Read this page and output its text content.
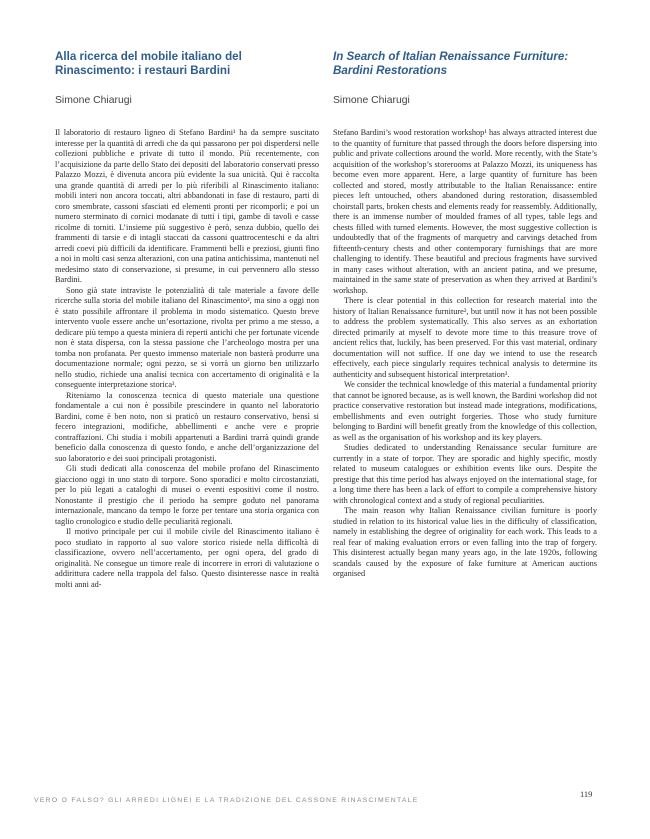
Alla ricerca del mobile italiano del Rinascimento: i restauri Bardini
Simone Chiarugi

Il laboratorio di restauro ligneo di Stefano Bardini¹ ha da sempre suscitato interesse per la quantità di arredi che da qui passarono per poi disperdersi nelle collezioni pubbliche e private di tutto il mondo. Più recentemente, con l’acquisizione da parte dello Stato dei depositi del laboratorio conservati presso Palazzo Mozzi, è divenuta ancora più evidente la sua unicità. Qui è raccolta una grande quantità di arredi per lo più riferibili al Rinascimento italiano: mobili interi non ancora toccati, altri abbandonati in fase di restauro, parti di coro smembrate, cassoni sfasciati ed elementi pronti per ricomporli; e poi un numero sterminato di cornici modanate di tutti i tipi, gambe di tavoli e casse ricolme di torniti. L’insieme più suggestivo è però, senza dubbio, quello dei frammenti di tarsie e di intagli staccati da cassoni quattrocenteschi e da altri arredi coevi più difficili da identificare. Frammenti belli e preziosi, giunti fino a noi in molti casi senza alterazioni, con una patina antichissima, mantenuti nel medesimo stato di conservazione, si presume, in cui pervennero allo stesso Bardini.

Sono già state intraviste le potenzialità di tale materiale a favore delle ricerche sulla storia del mobile italiano del Rinascimento², ma sino a oggi non è stato possibile affrontare il problema in modo sistematico. Questo breve intervento vuole essere anche un’esortazione, rivolta per primo a me stesso, a dedicare più tempo a questa miniera di reperti antichi che per fortunate vicende non è stata dispersa, con la stessa passione che l’archeologo mostra per una tomba non profanata. Per questo immenso materiale non basterà produrre una documentazione normale; ogni pezzo, se si vorrà un giorno ben utilizzarlo nello studio, richiede una analisi tecnica con accertamento di originalità e la conseguente interpretazione storica³.

Riteniamo la conoscenza tecnica di questo materiale una questione fondamentale a cui non è possibile prescindere in quanto nel laboratorio Bardini, come è ben noto, non si praticò un restauro conservativo, bensì si fecero integrazioni, modifiche, abbellimenti e anche vere e proprie contraffazioni. Chi studia i mobili appartenuti a Bardini trarrà quindi grande beneficio dalla conoscenza di questo fondo, e anche dell’organizzazione del suo laboratorio e dei suoi principali protagonisti.

Gli studi dedicati alla conoscenza del mobile profano del Rinascimento giacciono oggi in uno stato di torpore. Sono sporadici e molto circostanziati, per lo più legati a cataloghi di musei o eventi espositivi come il nostro. Nonostante il prestigio che il periodo ha sempre goduto nel panorama internazionale, mancano da tempo le forze per tentare una storia organica con taglio cronologico e studio delle peculiarità regionali.

Il motivo principale per cui il mobile civile del Rinascimento italiano è poco studiato in rapporto al suo valore storico risiede nella difficoltà di classificazione, ovvero nell’accertamento, per ogni opera, del grado di originalità. Ne consegue un timore reale di incorrere in errori di valutazione o addirittura cadere nella trappola del falso. Questo disinteresse nasce in realtà molti anni ad-

In Search of Italian Renaissance Furniture: Bardini Restorations
Simone Chiarugi

Stefano Bardini’s wood restoration workshop¹ has always attracted interest due to the quantity of furniture that passed through the doors before dispersing into public and private collections around the world. More recently, with the State’s acquisition of the workshop’s storerooms at Palazzo Mozzi, its uniqueness has become even more apparent. Here, a large quantity of furniture has been collected and stored, mostly attributable to the Italian Renaissance: entire pieces left untouched, others abandoned during restoration, disassembled choirstall parts, broken chests and elements ready for reassembly. Additionally, there is an immense number of moulded frames of all types, table legs and chests filled with turned elements. However, the most suggestive collection is undoubtedly that of the fragments of marquetry and carvings detached from fifteenth-century chests and other contemporary furnishings that are more challenging to identify. These beautiful and precious fragments have survived in many cases without alteration, with an ancient patina, and we presume, maintained in the same state of preservation as when they arrived at Bardini’s workshop.

There is clear potential in this collection for research material into the history of Italian Renaissance furniture², but until now it has not been possible to address the problem systematically. This also serves as an exhortation directed primarily at myself to devote more time to this treasure trove of ancient relics that, luckily, has been preserved. For this vast material, ordinary documentation will not suffice. If one day we intend to use the research effectively, each piece singularly requires technical analysis to determine its authenticity and subsequent historical interpretation³.

We consider the technical knowledge of this material a fundamental priority that cannot be ignored because, as is well known, the Bardini workshop did not practice conservative restoration but instead made integrations, modifications, embellishments and even outright forgeries. Those who study furniture belonging to Bardini will benefit greatly from the knowledge of this collection, as well as the organisation of his workshop and its key players.

Studies dedicated to understanding Renaissance secular furniture are currently in a state of torpor. They are sporadic and highly specific, mostly related to museum catalogues or exhibition events like ours. Despite the prestige that this time period has always enjoyed on the international stage, for a long time there has been a lack of effort to compile a comprehensive history with chronological context and a study of regional peculiarities.

The main reason why Italian Renaissance civilian furniture is poorly studied in relation to its historical value lies in the difficulty of classification, namely in establishing the degree of originality for each work. This leads to a real fear of making evaluation errors or even falling into the trap of forgery. This disinterest actually began many years ago, in the late 1920s, following scandals caused by the exposure of fake furniture at American auctions organised

VERO O FALSO? GLI ARREDI LIGNEI E LA TRADIZIONE DEL CASSONE RINASCIMENTALE
119
